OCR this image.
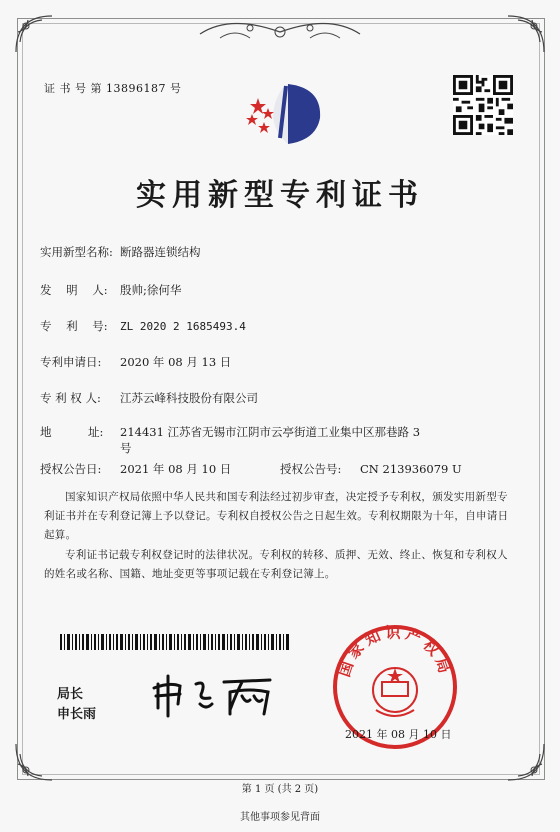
证 书 号 第 13896187 号
实用新型专利证书
实用新型名称: 断路器连锁结构
发    明    人: 殷帅;徐何华
专    利    号: ZL 2020 2 1685493.4
专利申请日: 2020 年 08 月 13 日
专 利 权 人: 江苏云峰科技股份有限公司
地          址: 214431 江苏省无锡市江阴市云亭街道工业集中区那巷路 3
号
授权公告日: 2021 年 08 月 10 日	授权公告号: CN 213936079 U
国家知识产权局依照中华人民共和国专利法经过初步审查，决定授予专利权，颁发实用新型专利证书并在专利登记簿上予以登记。专利权自授权公告之日起生效。专利权期限为十年，自申请日起算。
专利证书记载专利权登记时的法律状况。专利权的转移、质押、无效、终止、恢复和专利权人的姓名或名称、国籍、地址变更等事项记载在专利登记簿上。
局长
申长雨
国家知识产权局
2021 年 08 月 10 日
第 1 页 (共 2 页)
其他事项参见背面
